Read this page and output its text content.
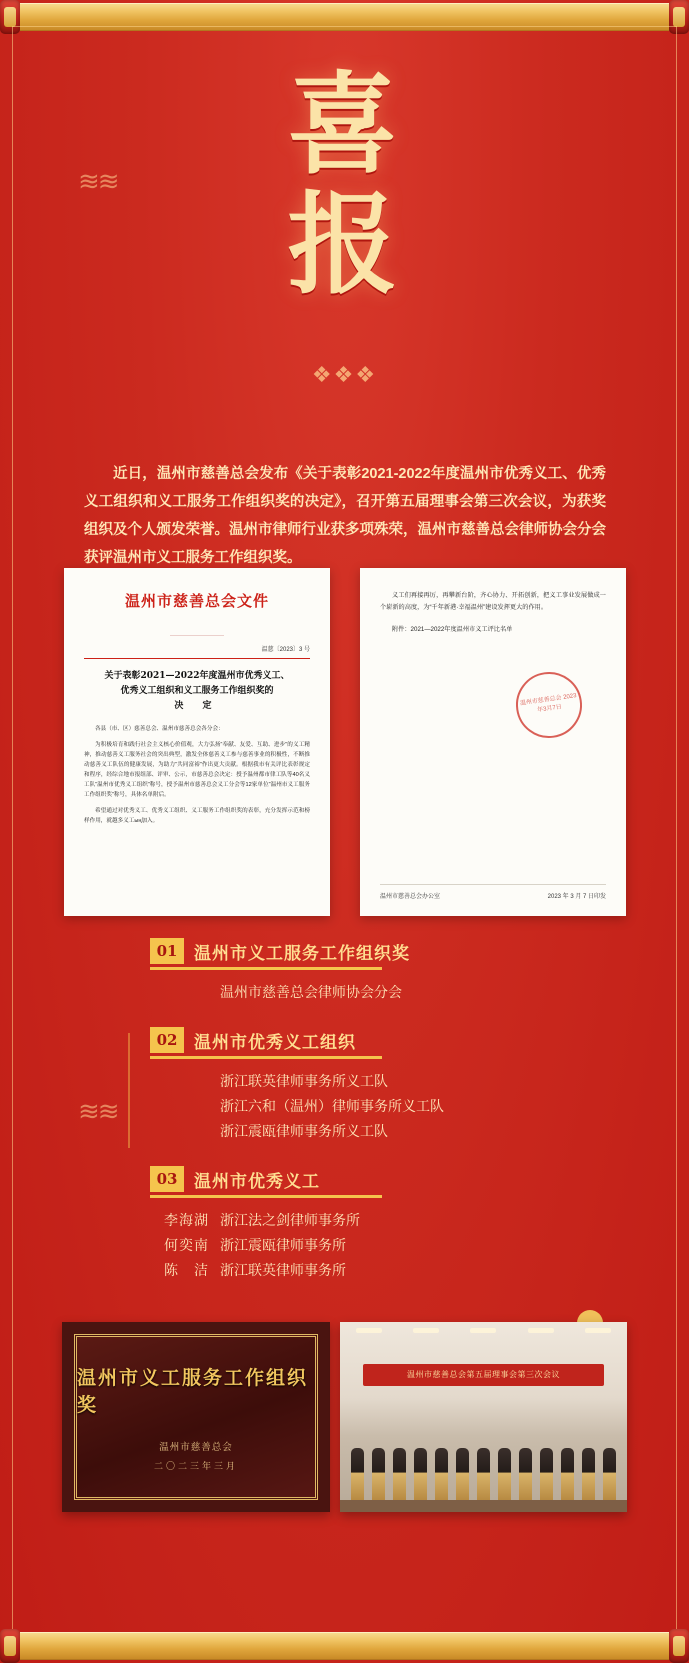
喜
报
≋≋
❖❖❖
近日，温州市慈善总会发布《关于表彰2021-2022年度温州市优秀义工、优秀义工组织和义工服务工作组织奖的决定》，召开第五届理事会第三次会议，为获奖组织及个人颁发荣誉。温州市律师行业获多项殊荣，温州市慈善总会律师协会分会获评温州市义工服务工作组织奖。
温州市慈善总会文件
温慈〔2023〕3 号
关于表彰2021—2022年度温州市优秀义工、
优秀义工组织和义工服务工作组织奖的
决 定

各县（市、区）慈善总会、温州市慈善总会各分会：

为积极培育和践行社会主义核心价值观，大力弘扬“奉献、友爱、互助、进步”的义工精神，推动慈善义工服务社会的突出典型，激发全体慈善义工参与慈善事业的积极性，不断推动慈善义工队伍的健康发展，为助力“共同富裕”作出更大贡献。根据我市有关评比表彰规定和程序，经综合地市报组部、评审、公示，市慈善总会决定：授予温州都市律工队等40名义工队“温州市优秀义工组织”称号，授予温州市慈善总会义工分会等12家单位“温州市义工服务工作组织奖”称号，具体名单附后。

希望通过对优秀义工、优秀义工组织、义工服务工作组织奖的表彰，充分发挥示范和榜样作用，就越多义工ың加入。

义工们再接再厉，再攀新台阶，齐心协力、开拓创新，把义工事业发展做成一个崭新的高度，为“千年新港·幸福温州”建设发挥更大的作用。

附件：2021—2022年度温州市义工评比名单

温州市慈善总会 2023年3月7日
温州市慈善总会办公室	2023 年 3 月 7 日印发
01 温州市义工服务工作组织奖
温州市慈善总会律师协会分会
02 温州市优秀义工组织
浙江联英律师事务所义工队
浙江六和（温州）律师事务所义工队
浙江震瓯律师事务所义工队
03 温州市优秀义工
李海湖 浙江法之剑律师事务所
何奕南 浙江震瓯律师事务所
陈　洁 浙江联英律师事务所
≋≋
温州市义工服务工作组织奖
温州市慈善总会
二〇二三年三月
温州市慈善总会第五届理事会第三次会议
